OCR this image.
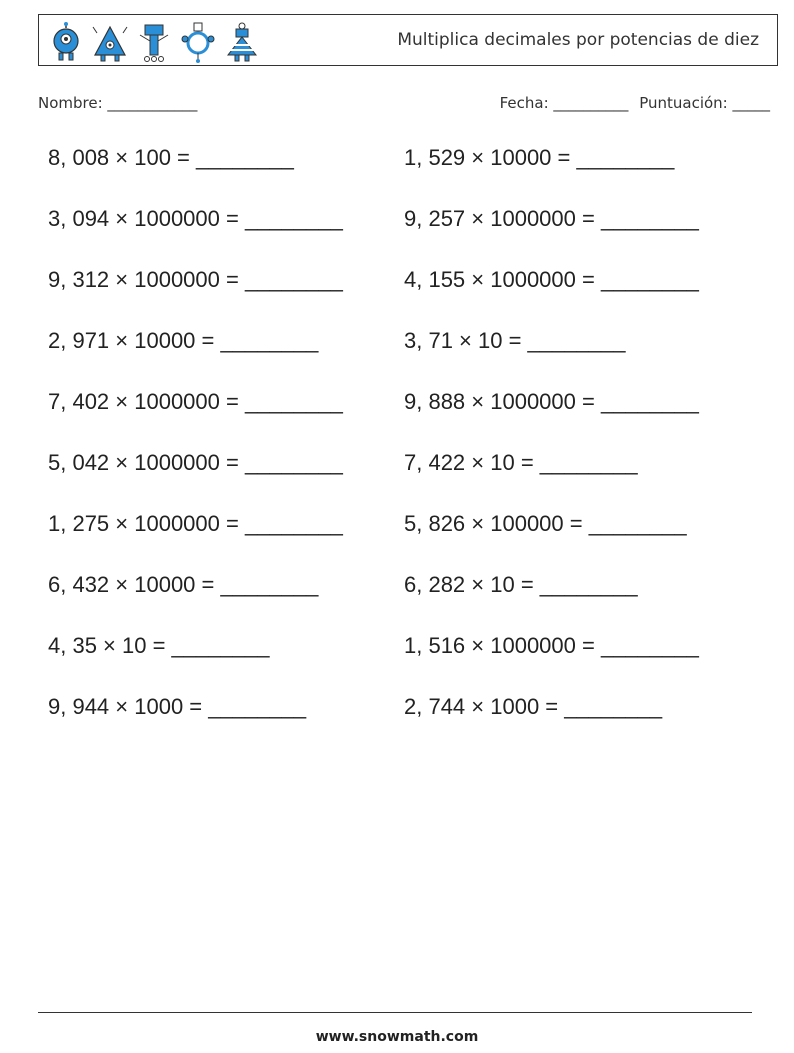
Multiplica decimales por potencias de diez
Nombre: ____________	Fecha: __________ Puntuación: _____
8, 008 × 100 = ________	1, 529 × 10000 = ________
3, 094 × 1000000 = ________	9, 257 × 1000000 = ________
9, 312 × 1000000 = ________	4, 155 × 1000000 = ________
2, 971 × 10000 = ________	3, 71 × 10 = ________
7, 402 × 1000000 = ________	9, 888 × 1000000 = ________
5, 042 × 1000000 = ________	7, 422 × 10 = ________
1, 275 × 1000000 = ________	5, 826 × 100000 = ________
6, 432 × 10000 = ________	6, 282 × 10 = ________
4, 35 × 10 = ________	1, 516 × 1000000 = ________
9, 944 × 1000 = ________	2, 744 × 1000 = ________
www.snowmath.com
